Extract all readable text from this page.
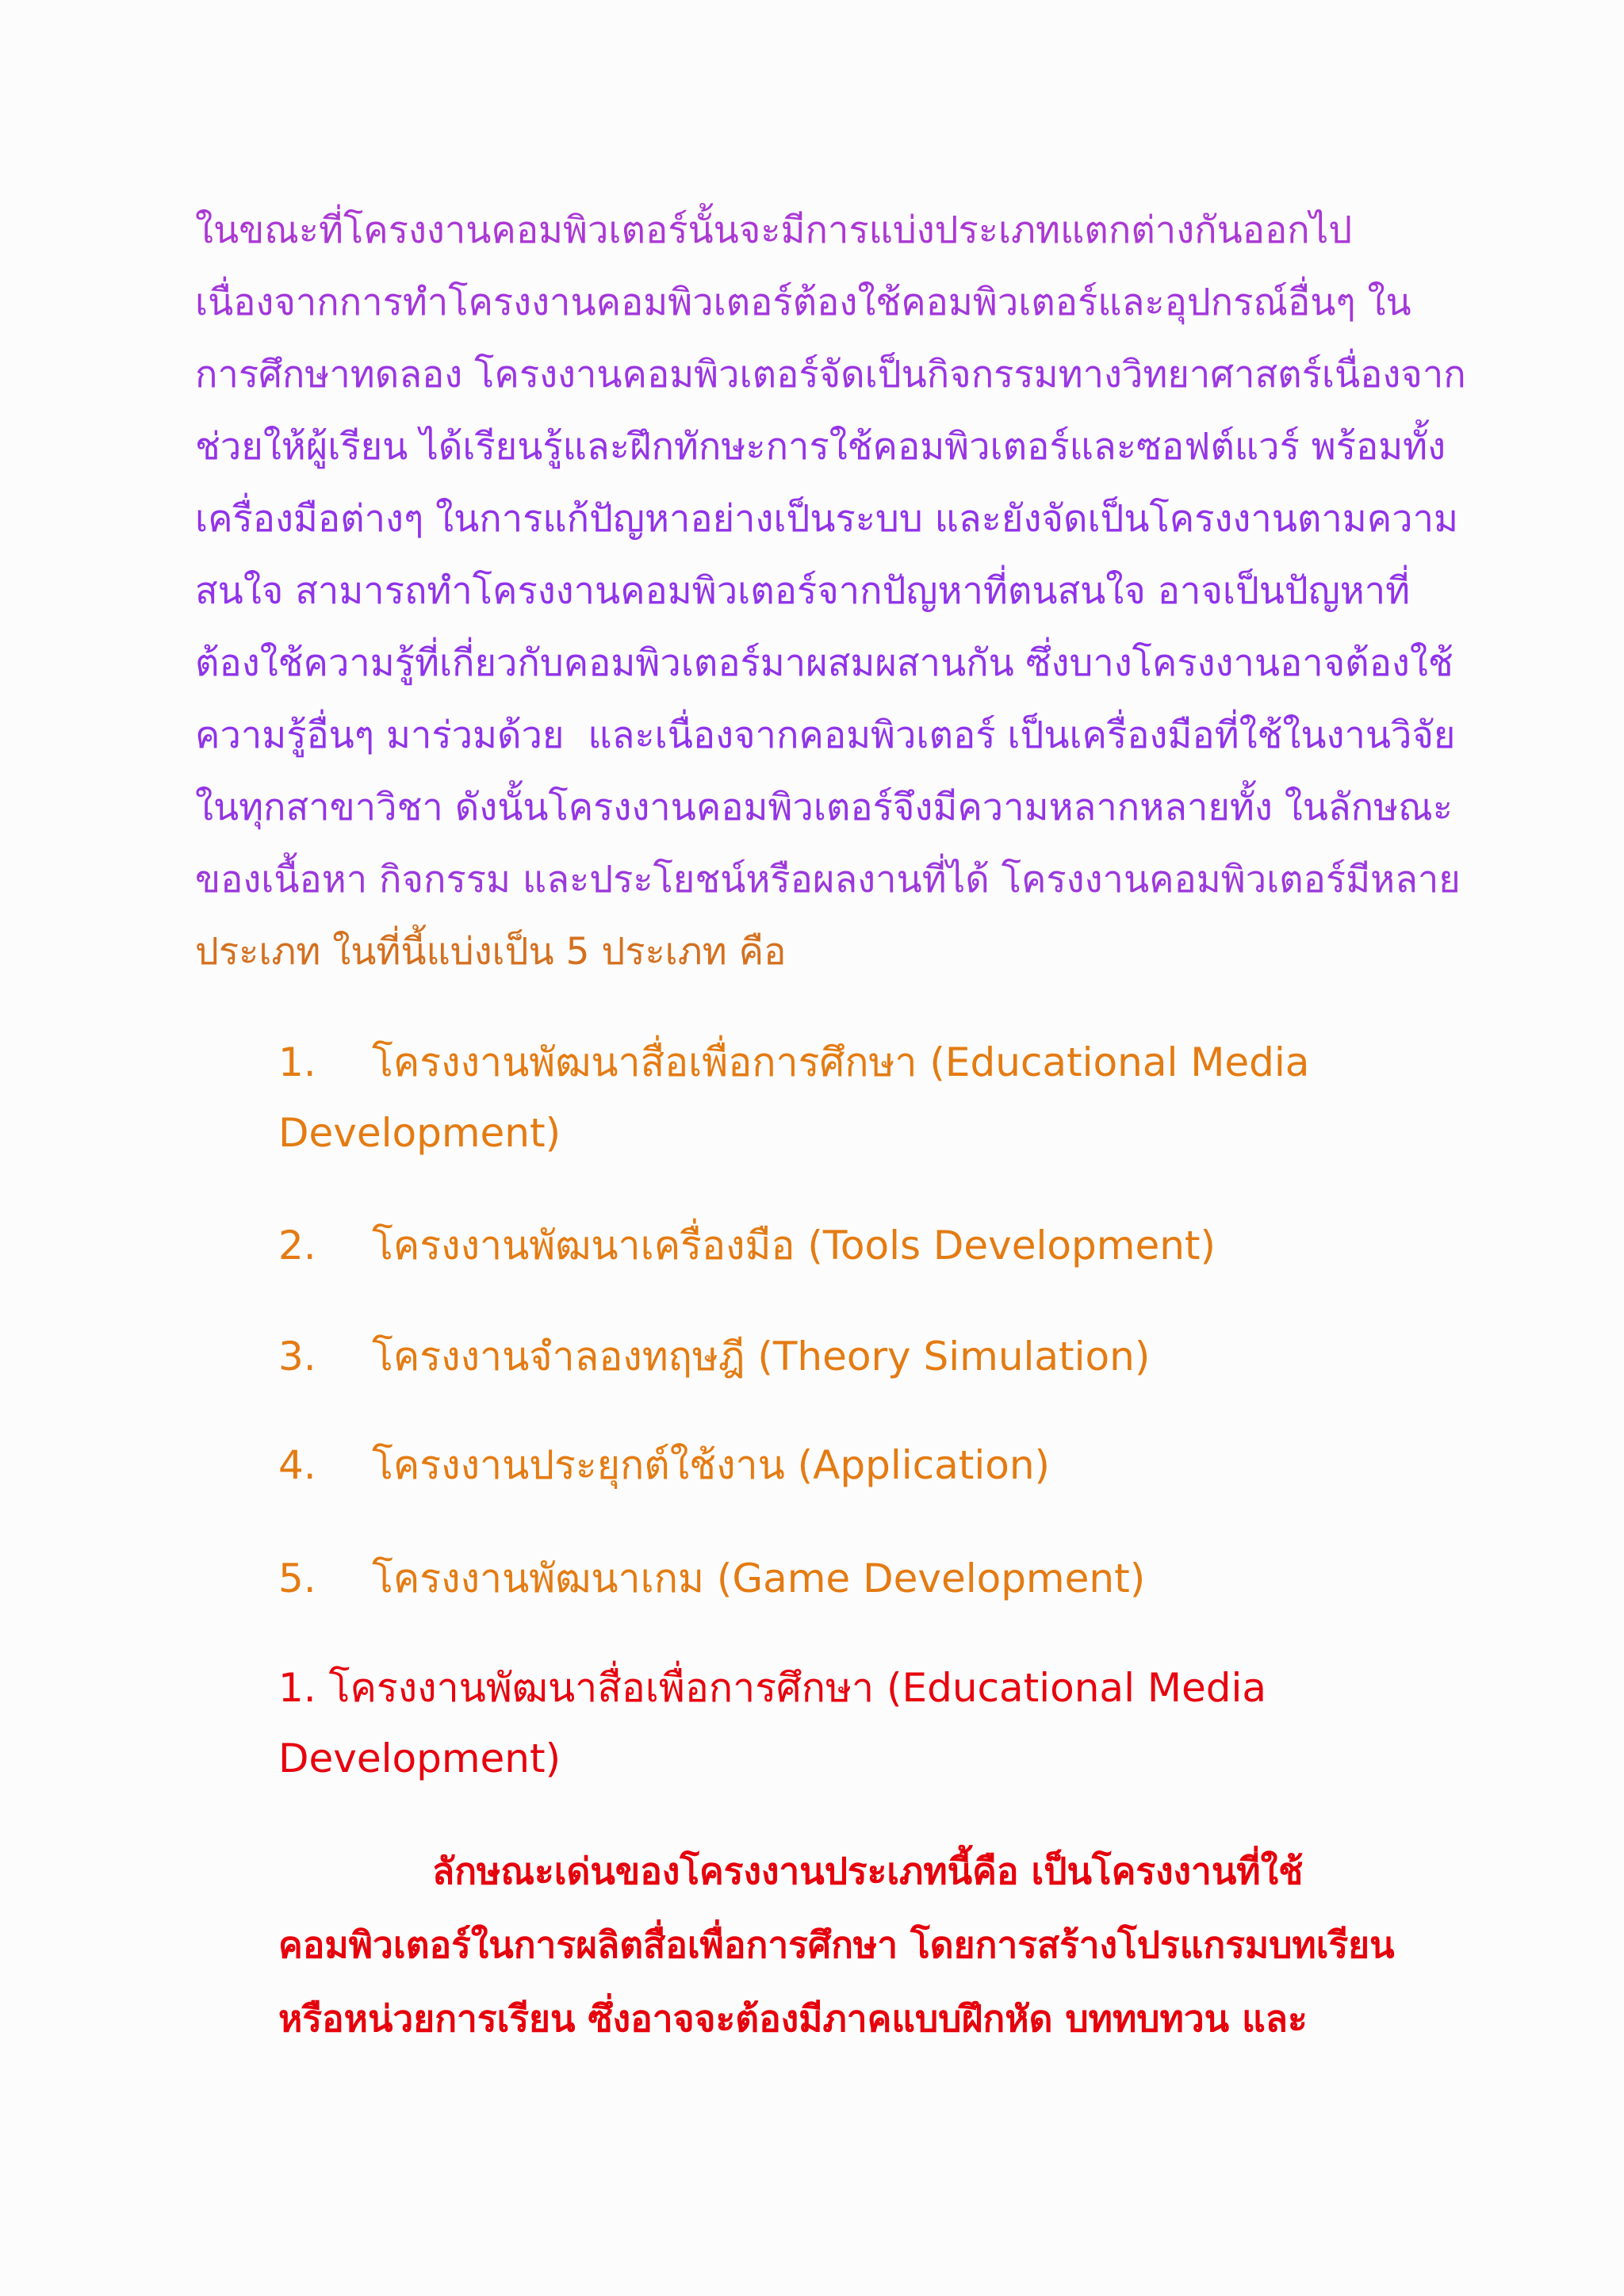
ในขณะที่โครงงานคอมพิวเตอร์นั้นจะมีการแบ่งประเภทแตกต่างกันออกไป
เนื่องจากการทำโครงงานคอมพิวเตอร์ต้องใช้คอมพิวเตอร์และอุปกรณ์อื่นๆ ใน
การศึกษาทดลอง โครงงานคอมพิวเตอร์จัดเป็นกิจกรรมทางวิทยาศาสตร์เนื่องจาก
ช่วยให้ผู้เรียน ได้เรียนรู้และฝึกทักษะการใช้คอมพิวเตอร์และซอฟต์แวร์ พร้อมทั้ง
เครื่องมือต่างๆ ในการแก้ปัญหาอย่างเป็นระบบ และยังจัดเป็นโครงงานตามความ
สนใจ สามารถทำโครงงานคอมพิวเตอร์จากปัญหาที่ตนสนใจ อาจเป็นปัญหาที่
ต้องใช้ความรู้ที่เกี่ยวกับคอมพิวเตอร์มาผสมผสานกัน ซึ่งบางโครงงานอาจต้องใช้
ความรู้อื่นๆ มาร่วมด้วย  และเนื่องจากคอมพิวเตอร์ เป็นเครื่องมือที่ใช้ในงานวิจัย
ในทุกสาขาวิชา ดังนั้นโครงงานคอมพิวเตอร์จึงมีความหลากหลายทั้ง ในลักษณะ
ของเนื้อหา กิจกรรม และประโยชน์หรือผลงานที่ได้ โครงงานคอมพิวเตอร์มีหลาย
ประเภท ในที่นี้แบ่งเป็น 5 ประเภท คือ
1. โครงงานพัฒนาสื่อเพื่อการศึกษา (Educational Media
Development)
2. โครงงานพัฒนาเครื่องมือ (Tools Development)
3. โครงงานจำลองทฤษฎี (Theory Simulation)
4. โครงงานประยุกต์ใช้งาน (Application)
5. โครงงานพัฒนาเกม (Game Development)
1. โครงงานพัฒนาสื่อเพื่อการศึกษา (Educational Media
Development)
ลักษณะเด่นของโครงงานประเภทนี้คือ เป็นโครงงานที่ใช้
คอมพิวเตอร์ในการผลิตสื่อเพื่อการศึกษา โดยการสร้างโปรแกรมบทเรียน
หรือหน่วยการเรียน ซึ่งอาจจะต้องมีภาคแบบฝึกหัด บททบทวน และ
